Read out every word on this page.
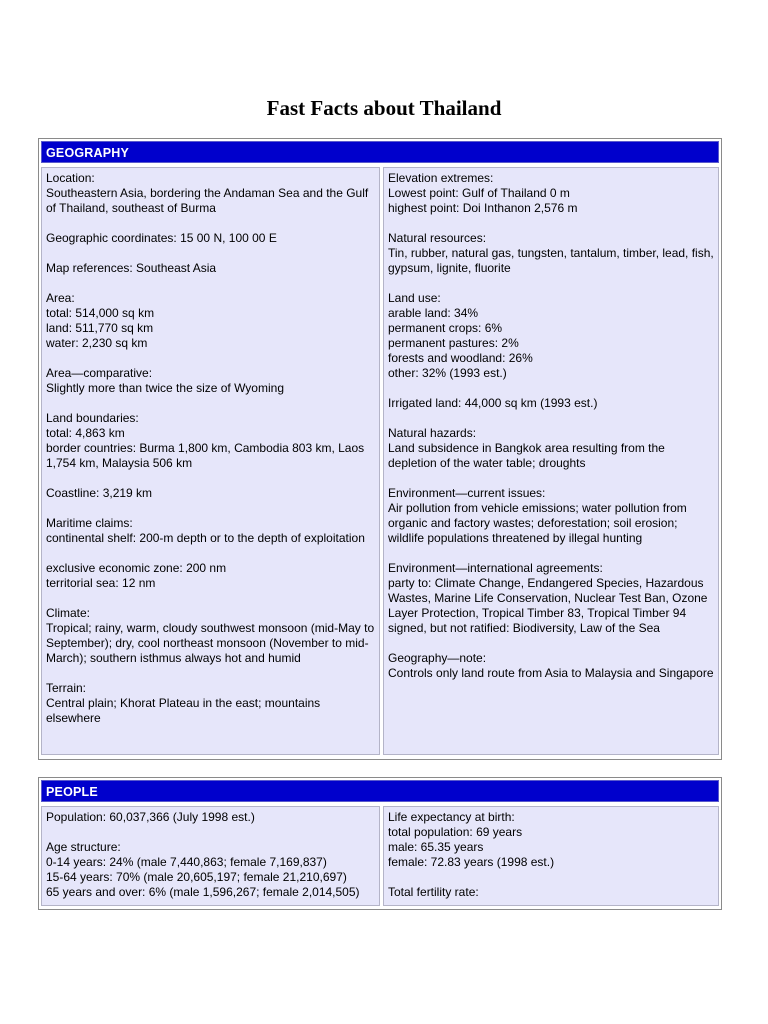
Fast Facts about Thailand
GEOGRAPHY
Location:
Southeastern Asia, bordering the Andaman Sea and the Gulf of Thailand, southeast of Burma
Geographic coordinates: 15 00 N, 100 00 E
Map references: Southeast Asia
Area:
total: 514,000 sq km
land: 511,770 sq km
water: 2,230 sq km
Area—comparative:
Slightly more than twice the size of Wyoming
Land boundaries:
total: 4,863 km
border countries: Burma 1,800 km, Cambodia 803 km, Laos 1,754 km, Malaysia 506 km
Coastline: 3,219 km
Maritime claims:
continental shelf: 200-m depth or to the depth of exploitation
exclusive economic zone: 200 nm
territorial sea: 12 nm
Climate:
Tropical; rainy, warm, cloudy southwest monsoon (mid-May to September); dry, cool northeast monsoon (November to mid-March); southern isthmus always hot and humid
Terrain:
Central plain; Khorat Plateau in the east; mountains elsewhere
Elevation extremes:
Lowest point: Gulf of Thailand 0 m
highest point: Doi Inthanon 2,576 m
Natural resources:
Tin, rubber, natural gas, tungsten, tantalum, timber, lead, fish, gypsum, lignite, fluorite
Land use:
arable land: 34%
permanent crops: 6%
permanent pastures: 2%
forests and woodland: 26%
other: 32% (1993 est.)
Irrigated land: 44,000 sq km (1993 est.)
Natural hazards:
Land subsidence in Bangkok area resulting from the depletion of the water table; droughts
Environment—current issues:
Air pollution from vehicle emissions; water pollution from organic and factory wastes; deforestation; soil erosion; wildlife populations threatened by illegal hunting
Environment—international agreements:
party to: Climate Change, Endangered Species, Hazardous Wastes, Marine Life Conservation, Nuclear Test Ban, Ozone Layer Protection, Tropical Timber 83, Tropical Timber 94
signed, but not ratified: Biodiversity, Law of the Sea
Geography—note:
Controls only land route from Asia to Malaysia and Singapore
PEOPLE
Population: 60,037,366 (July 1998 est.)
Age structure:
0-14 years: 24% (male 7,440,863; female 7,169,837)
15-64 years: 70% (male 20,605,197; female 21,210,697)
65 years and over: 6% (male 1,596,267; female 2,014,505)
Life expectancy at birth:
total population: 69 years
male: 65.35 years
female: 72.83 years (1998 est.)
Total fertility rate:
